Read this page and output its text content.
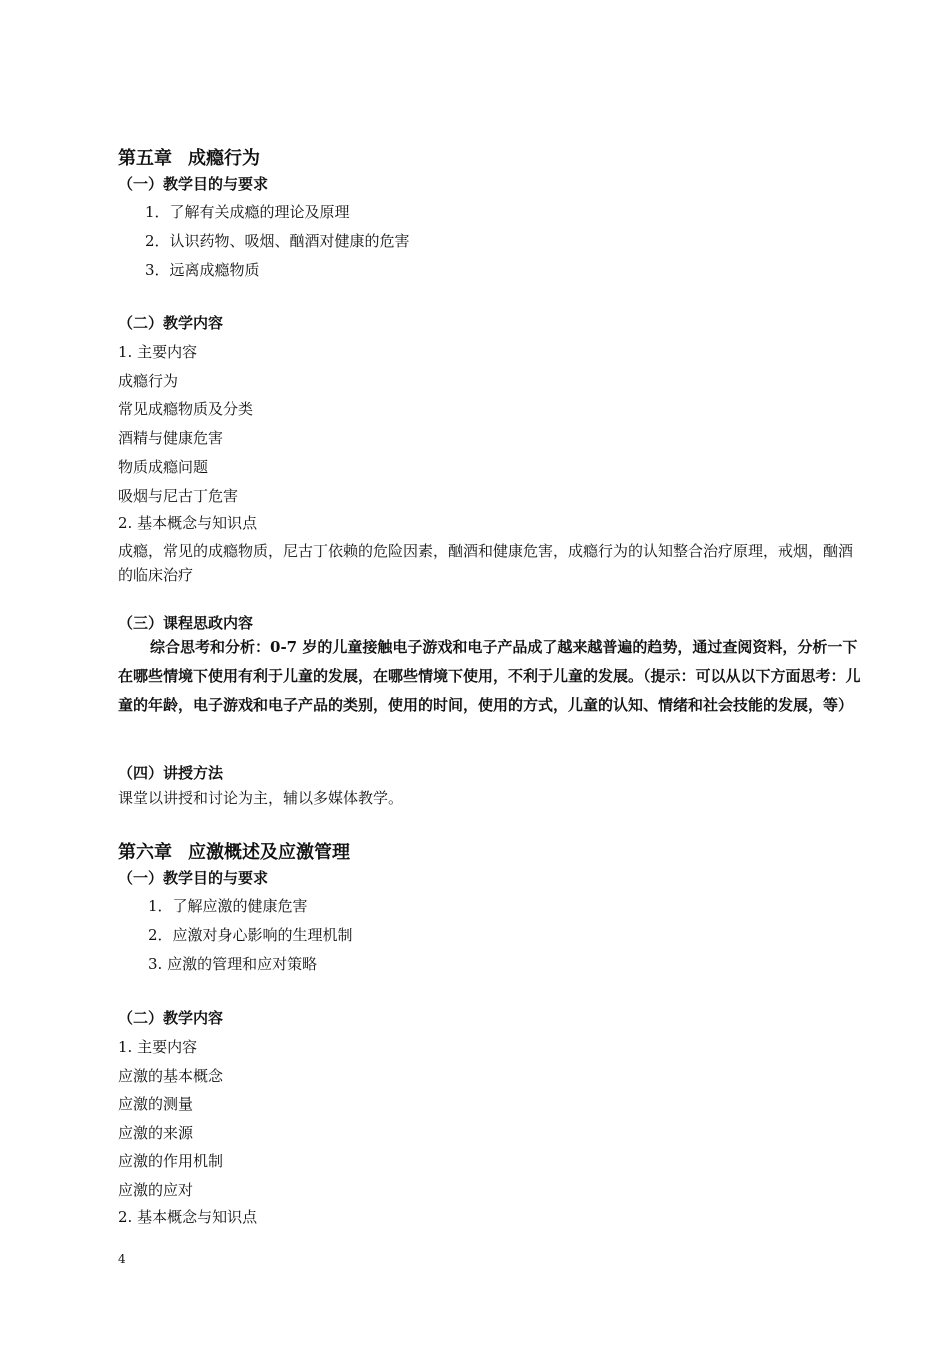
第五章 成瘾行为
（一）教学目的与要求
1．了解有关成瘾的理论及原理
2．认识药物、吸烟、酗酒对健康的危害
3．远离成瘾物质
（二）教学内容
1. 主要内容
成瘾行为
常见成瘾物质及分类
酒精与健康危害
物质成瘾问题
吸烟与尼古丁危害
2. 基本概念与知识点
成瘾，常见的成瘾物质，尼古丁依赖的危险因素，酗酒和健康危害，成瘾行为的认知整合治疗原理，戒烟，酗酒的临床治疗
（三）课程思政内容
综合思考和分析：0-7 岁的儿童接触电子游戏和电子产品成了越来越普遍的趋势，通过查阅资料，分析一下在哪些情境下使用有利于儿童的发展，在哪些情境下使用，不利于儿童的发展。（提示：可以从以下方面思考：儿童的年龄，电子游戏和电子产品的类别，使用的时间，使用的方式，儿童的认知、情绪和社会技能的发展，等）
（四）讲授方法
课堂以讲授和讨论为主，辅以多媒体教学。
第六章 应激概述及应激管理
（一）教学目的与要求
1．了解应激的健康危害
2．应激对身心影响的生理机制
3. 应激的管理和应对策略
（二）教学内容
1. 主要内容
应激的基本概念
应激的测量
应激的来源
应激的作用机制
应激的应对
2. 基本概念与知识点
4
